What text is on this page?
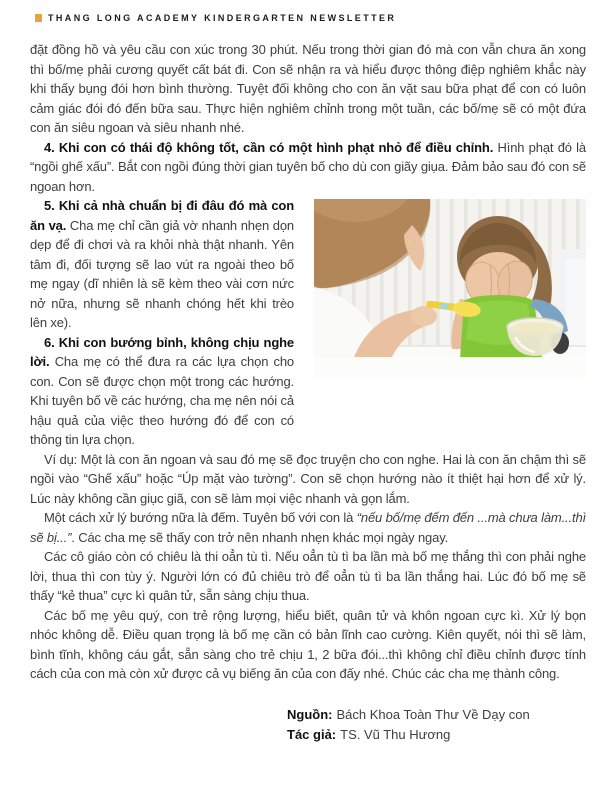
THANG LONG ACADEMY KINDERGARTEN NEWSLETTER

đặt đồng hồ và yêu cầu con xúc trong 30 phút. Nếu trong thời gian đó mà con vẫn chưa ăn xong thì bố/mẹ phải cương quyết cất bát đi. Con sẽ nhận ra và hiểu được thông điệp nghiêm khắc này khi thấy bụng đói hơn bình thường. Tuyệt đối không cho con ăn vặt sau bữa phạt để con có luôn cảm giác đói đó đến bữa sau. Thực hiện nghiêm chỉnh trong một tuần, các bố/mẹ sẽ có một đứa con ăn siêu ngoan và siêu nhanh nhé.

4. Khi con có thái độ không tốt, cần có một hình phạt nhỏ để điều chỉnh. Hình phạt đó là “ngồi ghế xấu”. Bắt con ngồi đúng thời gian tuyên bố cho dù con giãy giụa. Đảm bảo sau đó con sẽ ngoan hơn.

5. Khi cả nhà chuẩn bị đi đâu đó mà con ăn vạ. Cha mẹ chỉ cần giả vờ nhanh nhẹn dọn dẹp để đi chơi và ra khỏi nhà thật nhanh. Yên tâm đi, đối tượng sẽ lao vút ra ngoài theo bố mẹ ngay (dĩ nhiên là sẽ kèm theo vài cơn nức nở nữa, nhưng sẽ nhanh chóng hết khi trèo lên xe).

6. Khi con bướng bỉnh, không chịu nghe lời. Cha mẹ có thể đưa ra các lựa chọn cho con. Con sẽ được chọn một trong các hướng. Khi tuyên bố về các hướng, cha mẹ nên nói cả hậu quả của việc theo hướng đó để con có thông tin lựa chọn.

Ví dụ: Một là con ăn ngoan và sau đó mẹ sẽ đọc truyện cho con nghe. Hai là con ăn chậm thì sẽ ngồi vào “Ghế xấu” hoặc “Úp mặt vào tường”. Con sẽ chọn hướng nào ít thiệt hại hơn để xử lý. Lúc này không cần giục giã, con sẽ làm mọi việc nhanh và gọn lắm.

Một cách xử lý bướng nữa là đếm. Tuyên bố với con là “nếu bố/mẹ đếm đến ...mà chưa làm...thì sẽ bị...”. Các cha mẹ sẽ thấy con trở nên nhanh nhẹn khác mọi ngày ngay.

Các cô giáo còn có chiêu là thi oẳn tù tì. Nếu oẳn tù tì ba lần mà bố mẹ thắng thì con phải nghe lời, thua thì con tùy ý. Người lớn có đủ chiêu trò để oẳn tù tì ba lần thắng hai. Lúc đó bố mẹ sẽ thấy “kẻ thua” cực kì quân tử, sẵn sàng chịu thua.

Các bố mẹ yêu quý, con trẻ rộng lượng, hiểu biết, quân tử và khôn ngoan cực kì. Xử lý bọn nhóc không dễ. Điều quan trọng là bố mẹ cần có bản lĩnh cao cường. Kiên quyết, nói thì sẽ làm, bình tĩnh, không cáu gắt, sẵn sàng cho trẻ chịu 1, 2 bữa đói...thì không chỉ điều chỉnh được tính cách của con mà còn xử được cả vụ biếng ăn của con đấy nhé. Chúc các cha mẹ thành công.

Nguồn: Bách Khoa Toàn Thư Về Dạy con
Tác giả: TS. Vũ Thu Hương
